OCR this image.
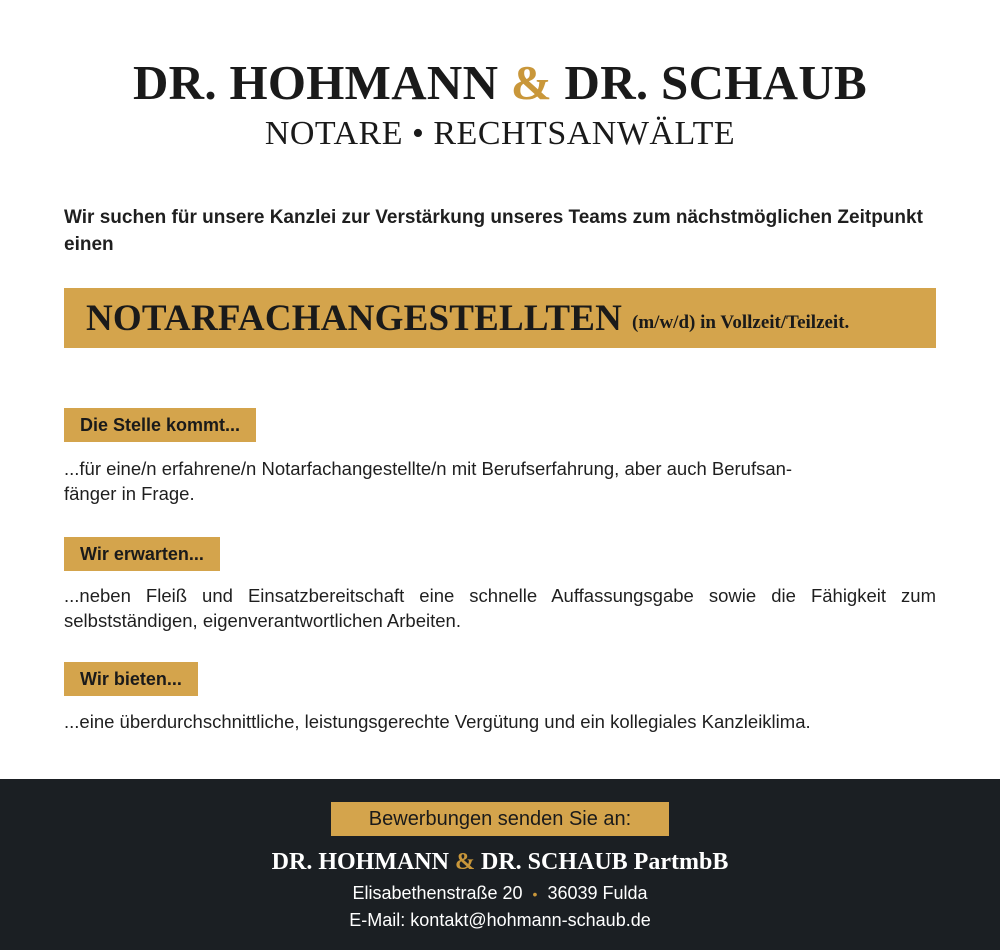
DR. HOHMANN & DR. SCHAUB
NOTARE • RECHTSANWÄLTE
Wir suchen für unsere Kanzlei zur Verstärkung unseres Teams zum nächstmöglichen Zeitpunkt einen
NOTARFACHANGESTELLTEN (m/w/d) in Vollzeit/Teilzeit.
Die Stelle kommt...
...für eine/n erfahrene/n Notarfachangestellte/n mit Berufserfahrung, aber auch Berufsan-
fänger in Frage.
Wir erwarten...
...neben Fleiß und Einsatzbereitschaft eine schnelle Auffassungsgabe sowie die Fähigkeit zum selbstständigen, eigenverantwortlichen Arbeiten.
Wir bieten...
...eine überdurchschnittliche, leistungsgerechte Vergütung und ein kollegiales Kanzleiklima.
Bewerbungen senden Sie an:
DR. HOHMANN & DR. SCHAUB PartmbB
Elisabethenstraße 20 • 36039 Fulda
E-Mail: kontakt@hohmann-schaub.de
